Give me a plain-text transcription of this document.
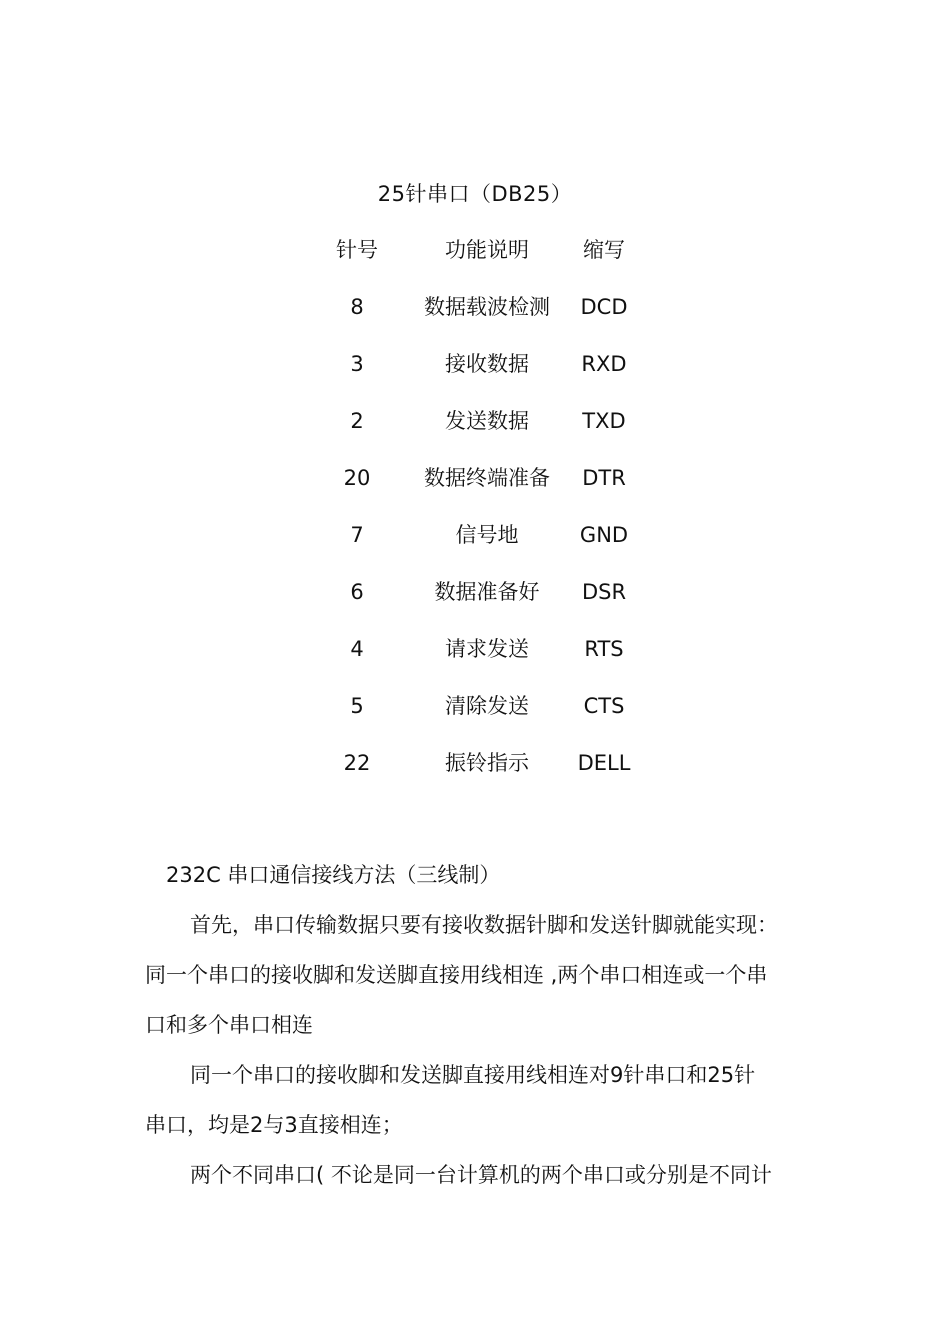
25针串口（DB25）
针号	功能说明	缩写
8	数据载波检测	DCD
3	接收数据	RXD
2	发送数据	TXD
20	数据终端准备	DTR
7	信号地	GND
6	数据准备好	DSR
4	请求发送	RTS
5	清除发送	CTS
22	振铃指示	DELL
232C 串口通信接线方法（三线制）
首先，串口传输数据只要有接收数据针脚和发送针脚就能实现：
同一个串口的接收脚和发送脚直接用线相连 ,两个串口相连或一个串
口和多个串口相连
同一个串口的接收脚和发送脚直接用线相连对9针串口和25针
串口，均是2与3直接相连；
两个不同串口( 不论是同一台计算机的两个串口或分别是不同计
